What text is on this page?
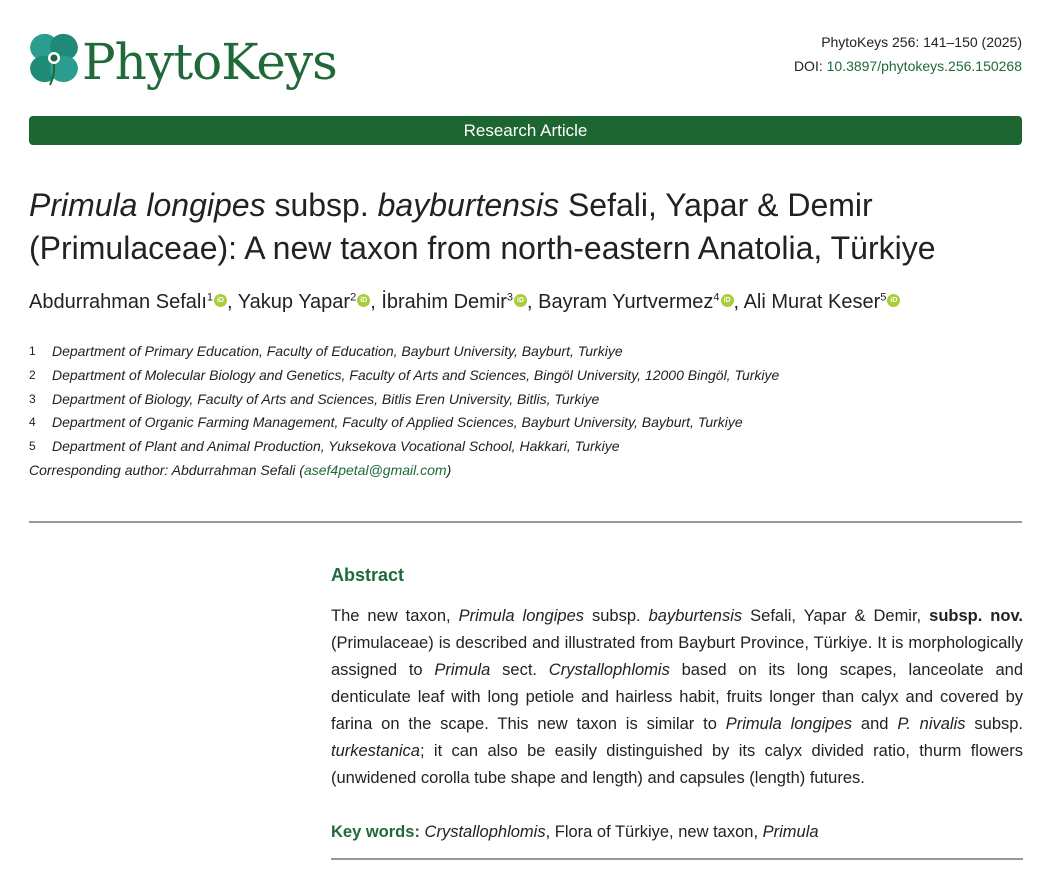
PhytoKeys	PhytoKeys 256: 141–150 (2025)
DOI: 10.3897/phytokeys.256.150268
Research Article
Primula longipes subsp. bayburtensis Sefali, Yapar & Demir (Primulaceae): A new taxon from north-eastern Anatolia, Türkiye
Abdurrahman Sefalı$^1$ iD , Yakup Yapar$^2$ iD , İbrahim Demir$^3$ iD , Bayram Yurtvermez$^4$ iD , Ali Murat Keser$^5$ iD
1	Department of Primary Education, Faculty of Education, Bayburt University, Bayburt, Turkiye
2	Department of Molecular Biology and Genetics, Faculty of Arts and Sciences, Bingöl University, 12000 Bingöl, Turkiye
3	Department of Biology, Faculty of Arts and Sciences, Bitlis Eren University, Bitlis, Turkiye
4	Department of Organic Farming Management, Faculty of Applied Sciences, Bayburt University, Bayburt, Turkiye
5	Department of Plant and Animal Production, Yuksekova Vocational School, Hakkari, Turkiye
Corresponding author: Abdurrahman Sefali (asef4petal@gmail.com)
Abstract

The new taxon, Primula longipes subsp. bayburtensis Sefali, Yapar & Demir, subsp. nov. (Primulaceae) is described and illustrated from Bayburt Province, Türkiye. It is morphologically assigned to Primula sect. Crystallophlomis based on its long scapes, lanceolate and denticulate leaf with long petiole and hairless habit, fruits longer than calyx and covered by farina on the scape. This new taxon is similar to Primula longipes and P. nivalis subsp. turkestanica; it can also be easily distinguished by its calyx divided ratio, thurm flowers (unwidened corolla tube shape and length) and capsules (length) futures.

Key words: Crystallophlomis, Flora of Türkiye, new taxon, Primula
